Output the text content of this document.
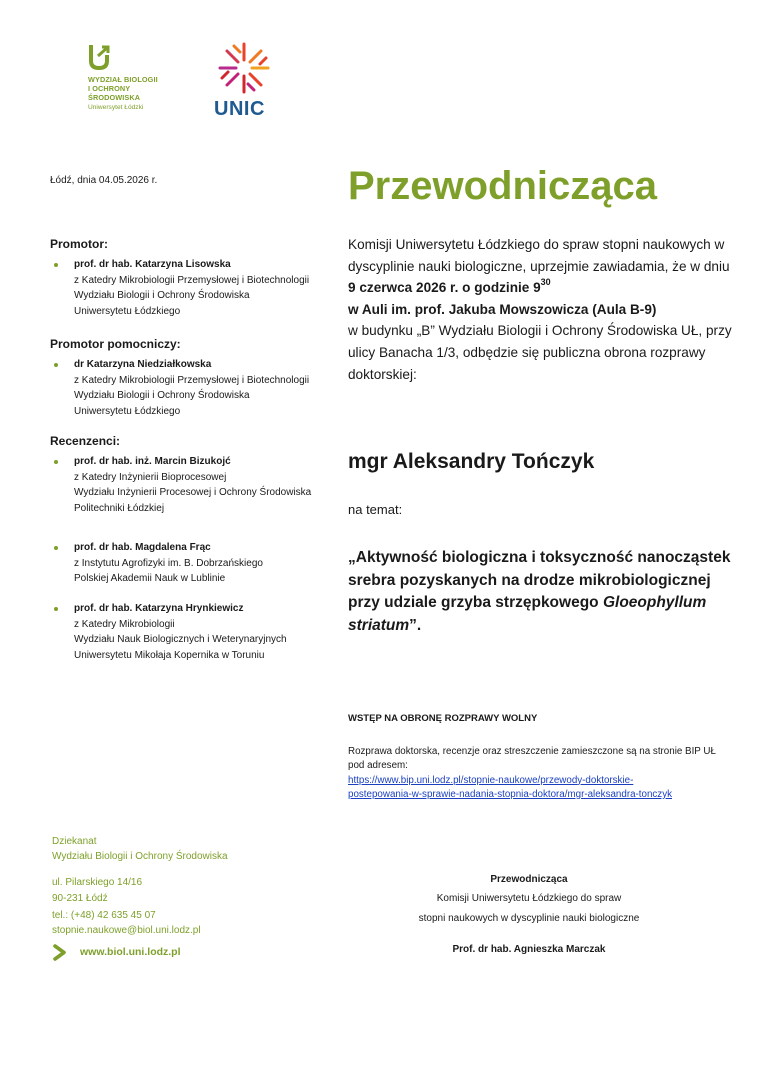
WYDZIAŁ BIOLOGII
I OCHRONY
ŚRODOWISKA
Uniwersytet Łódzki	UNIC
Łódź, dnia 04.05.2026 r.	Przewodnicząca
Komisji Uniwersytetu Łódzkiego do spraw stopni naukowych w dyscyplinie nauki biologiczne, uprzejmie zawiadamia, że w dniu 9 czerwca 2026 r. o godzinie $9^{30}$
w Auli im. prof. Jakuba Mowszowicza (Aula B-9)
w budynku „B” Wydziału Biologii i Ochrony Środowiska UŁ, przy ulicy Banacha 1/3, odbędzie się publiczna obrona rozprawy doktorskiej:
Promotor:
prof. dr hab. Katarzyna Lisowska
z Katedry Mikrobiologii Przemysłowej i Biotechnologii
Wydziału Biologii i Ochrony Środowiska
Uniwersytetu Łódzkiego
Promotor pomocniczy:
dr Katarzyna Niedziałkowska
z Katedry Mikrobiologii Przemysłowej i Biotechnologii
Wydziału Biologii i Ochrony Środowiska
Uniwersytetu Łódzkiego
Recenzenci:
prof. dr hab. inż. Marcin Bizukojć
z Katedry Inżynierii Bioprocesowej
Wydziału Inżynierii Procesowej i Ochrony Środowiska
Politechniki Łódzkiej
prof. dr hab. Magdalena Frąc
z Instytutu Agrofizyki im. B. Dobrzańskiego
Polskiej Akademii Nauk w Lublinie
prof. dr hab. Katarzyna Hrynkiewicz
z Katedry Mikrobiologii
Wydziału Nauk Biologicznych i Weterynaryjnych
Uniwersytetu Mikołaja Kopernika w Toruniu
mgr Aleksandry Tończyk
na temat:
„Aktywność biologiczna i toksyczność nanocząstek srebra pozyskanych na drodze mikrobiologicznej przy udziale grzyba strzępkowego Gloeophyllum striatum”.
WSTĘP NA OBRONĘ ROZPRAWY WOLNY
Rozprawa doktorska, recenzje oraz streszczenie zamieszczone są na stronie BIP UŁ pod adresem:
https://www.bip.uni.lodz.pl/stopnie-naukowe/przewody-doktorskie-
postepowania-w-sprawie-nadania-stopnia-doktora/mgr-aleksandra-tonczyk
Dziekanat
Wydziału Biologii i Ochrony Środowiska
ul. Pilarskiego 14/16
90-231 Łódź
tel.: (+48) 42 635 45 07
stopnie.naukowe@biol.uni.lodz.pl
www.biol.uni.lodz.pl
Przewodnicząca
Komisji Uniwersytetu Łódzkiego do spraw
stopni naukowych w dyscyplinie nauki biologiczne
Prof. dr hab. Agnieszka Marczak
